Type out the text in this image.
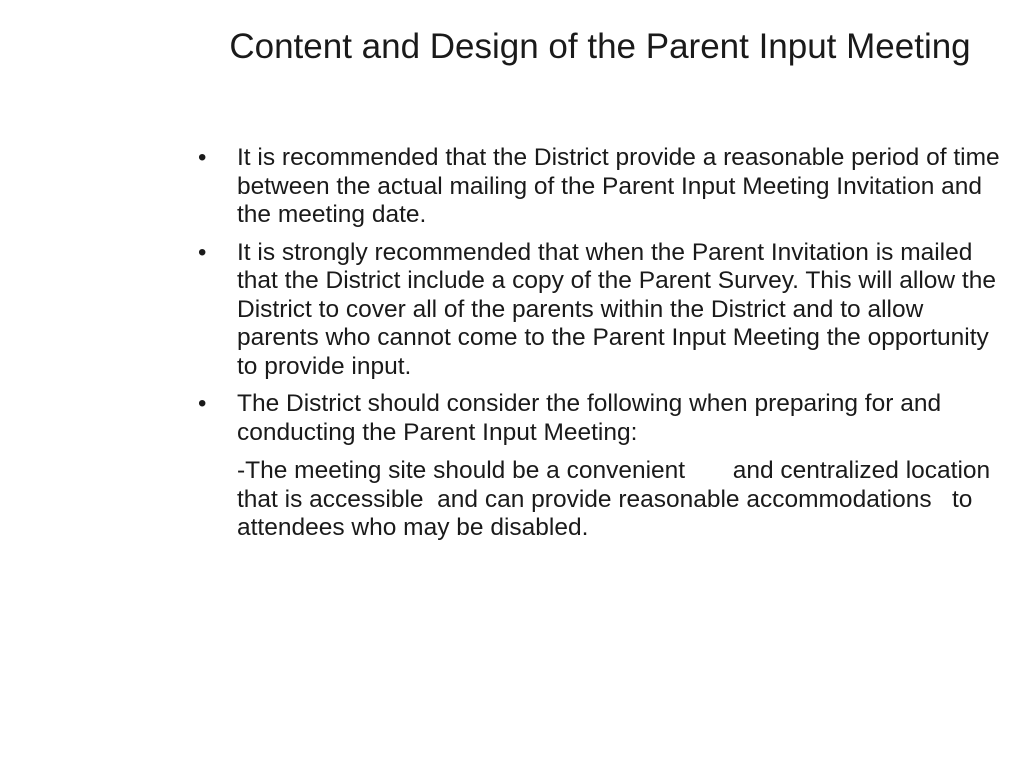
Content and Design of the Parent Input Meeting
•	It is recommended that the District provide a reasonable period of time between the actual mailing of the Parent Input Meeting Invitation and the meeting date.
•	It is strongly recommended that when the Parent Invitation is mailed that the District include a copy of the Parent Survey. This will allow the District to cover all of the parents within the District and to allow parents who cannot come to the Parent Input Meeting the opportunity to provide input.
•	The District should consider the following when preparing for and conducting the Parent Input Meeting:

-The meeting site should be a convenient       and centralized location that is accessible  and can provide reasonable accommodations   to attendees who may be disabled.
